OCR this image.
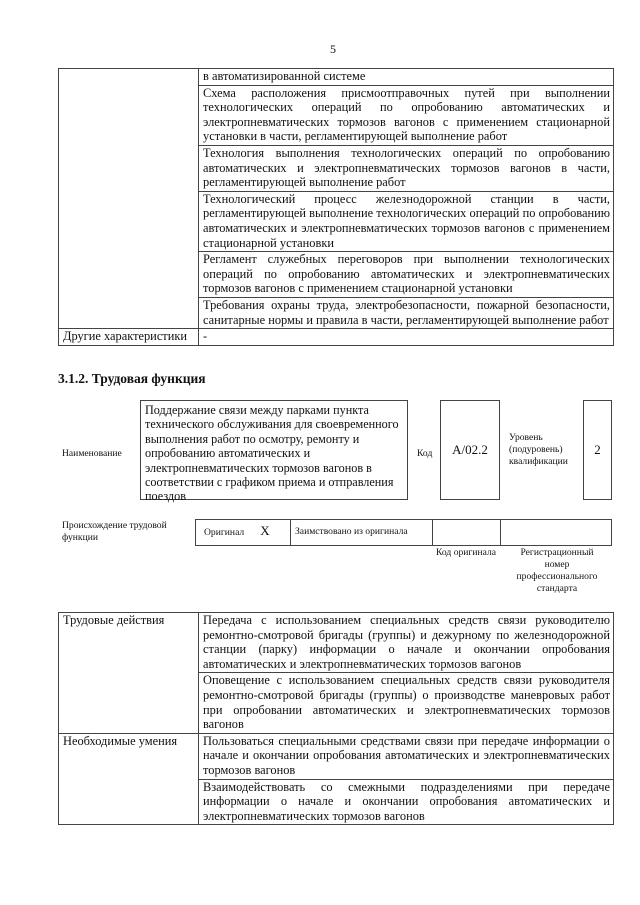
5
	в автоматизированной системе
	Схема расположения присмоотправочных путей при выполнении технологических операций по опробованию автоматических и электропневматических тормозов вагонов с применением стационарной установки в части, регламентирующей выполнение работ
	Технология выполнения технологических операций по опробованию автоматических и электропневматических тормозов вагонов в части, регламентирующей выполнение работ
	Технологический процесс железнодорожной станции в части, регламентирующей выполнение технологических операций по опробованию автоматических и электропневматических тормозов вагонов с применением стационарной установки
	Регламент служебных переговоров при выполнении технологических операций по опробованию автоматических и электропневматических тормозов вагонов с применением стационарной установки
	Требования охраны труда, электробезопасности, пожарной безопасности, санитарные нормы и правила в части, регламентирующей выполнение работ
Другие характеристики	-
3.1.2. Трудовая функция
Наименование
Поддержание связи между парками пункта технического обслуживания для своевременного выполнения работ по осмотру, ремонту и опробованию автоматических и электропневматических тормозов вагонов в соответствии с графиком приема и отправления поездов
Код	A/02.2
Уровень (подуровень) квалификации
2
Происхождение трудовой функции	Оригинал X	Заимствовано из оригинала		
Код оригинала	Регистрационный номер профессионального стандарта
Трудовые действия	Передача с использованием специальных средств связи руководителю ремонтно-смотровой бригады (группы) и дежурному по железнодорожной станции (парку) информации о начале и окончании опробования автоматических и электропневматических тормозов вагонов
	Оповещение с использованием специальных средств связи руководителя ремонтно-смотровой бригады (группы) о производстве маневровых работ при опробовании автоматических и электропневматических тормозов вагонов
Необходимые умения	Пользоваться специальными средствами связи при передаче информации о начале и окончании опробования автоматических и электропневматических тормозов вагонов
	Взаимодействовать со смежными подразделениями при передаче информации о начале и окончании опробования автоматических и электропневматических тормозов вагонов
